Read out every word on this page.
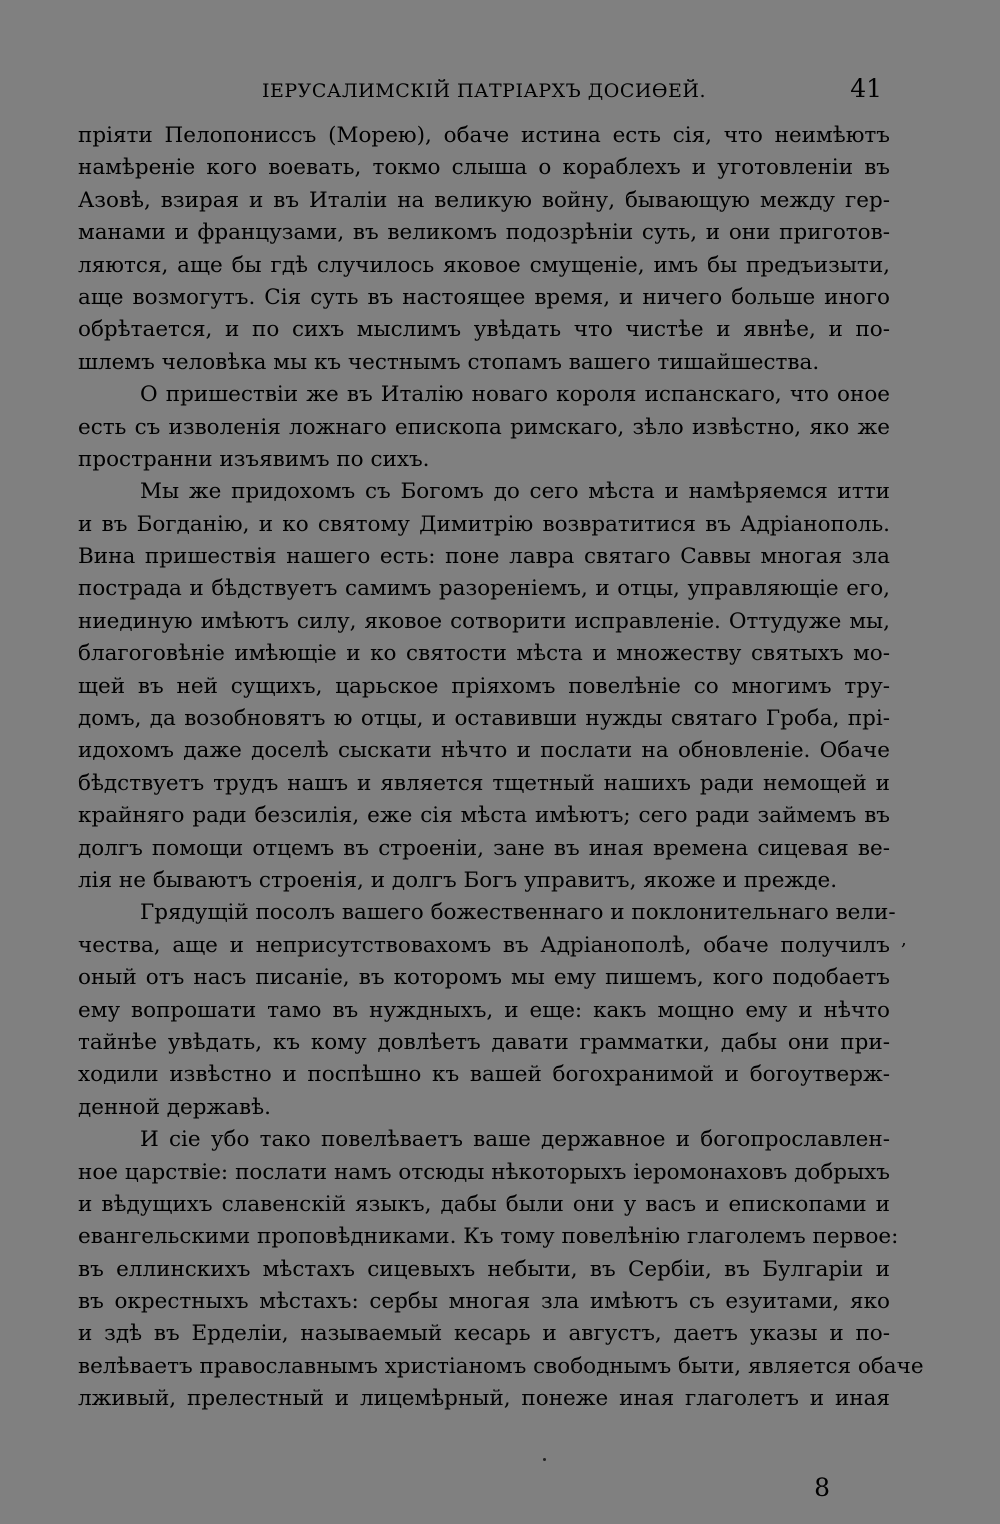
ІЕРУСАЛИМСКІЙ ПАТРІАРХЪ ДОСИѲЕЙ.	41
пріяти Пелопониссъ (Морею), обаче истина есть сія, что неимѣютъ
намѣреніе кого воевать, токмо слыша о кораблехъ и уготовленіи въ
Азовѣ, взирая и въ Италіи на великую войну, бывающую между гер-
манами и французами, въ великомъ подозрѣніи суть, и они приготов-
ляются, аще бы гдѣ случилось яковое смущеніе, имъ бы предъизыти,
аще возмогутъ. Сія суть въ настоящее время, и ничего больше иного
обрѣтается, и по сихъ мыслимъ увѣдать что чистѣе и явнѣе, и по-
шлемъ человѣка мы къ честнымъ стопамъ вашего тишайшества.
О пришествіи же въ Италію новаго короля испанскаго, что оное
есть съ изволенія ложнаго епископа римскаго, зѣло извѣстно, яко же
пространни изъявимъ по сихъ.
Мы же придохомъ съ Богомъ до сего мѣста и намѣряемся итти
и въ Богданію, и ко святому Димитрію возвратитися въ Адріанополь.
Вина пришествія нашего есть: поне лавра святаго Саввы многая зла
пострада и бѣдствуетъ самимъ разореніемъ, и отцы, управляющіе его,
ниединую имѣютъ силу, яковое сотворити исправленіе. Оттудуже мы,
благоговѣніе имѣющіе и ко святости мѣста и множеству святыхъ мо-
щей въ ней сущихъ, царьское пріяхомъ повелѣніе со многимъ тру-
домъ, да возобновятъ ю отцы, и оставивши нужды святаго Гроба, прі-
идохомъ даже доселѣ сыскати нѣчто и послати на обновленіе. Обаче
бѣдствуетъ трудъ нашъ и является тщетный нашихъ ради немощей и
крайняго ради безсилія, еже сія мѣста имѣютъ; сего ради займемъ въ
долгъ помощи отцемъ въ строеніи, зане въ иная времена сицевая ве-
лія не бываютъ строенія, и долгъ Богъ управитъ, якоже и прежде.
Грядущій посолъ вашего божественнаго и поклонительнаго вели-
чества, аще и неприсутствовахомъ въ Адріанополѣ, обаче получилъ
оный отъ насъ писаніе, въ которомъ мы ему пишемъ, кого подобаетъ
ему вопрошати тамо въ нуждныхъ, и еще: какъ мощно ему и нѣчто
тайнѣе увѣдать, къ кому довлѣетъ давати грамматки, дабы они при-
ходили извѣстно и поспѣшно къ вашей богохранимой и богоутверж-
денной державѣ.
И сіе убо тако повелѣваетъ ваше державное и богопрославлен-
ное царствіе: послати намъ отсюды нѣкоторыхъ іеромонаховъ добрыхъ
и вѣдущихъ славенскій языкъ, дабы были они у васъ и епископами и
евангельскими проповѣдниками. Къ тому повелѣнію глаголемъ первое:
въ еллинскихъ мѣстахъ сицевыхъ небыти, въ Сербіи, въ Булгаріи и
въ окрестныхъ мѣстахъ: сербы многая зла имѣютъ съ езуитами, яко
и здѣ въ Ерделіи, называемый кесарь и августъ, даетъ указы и по-
велѣваетъ православнымъ христіаномъ свободнымъ быти, является обаче
лживый, прелестный и лицемѣрный, понеже иная глаголетъ и иная
8
,
